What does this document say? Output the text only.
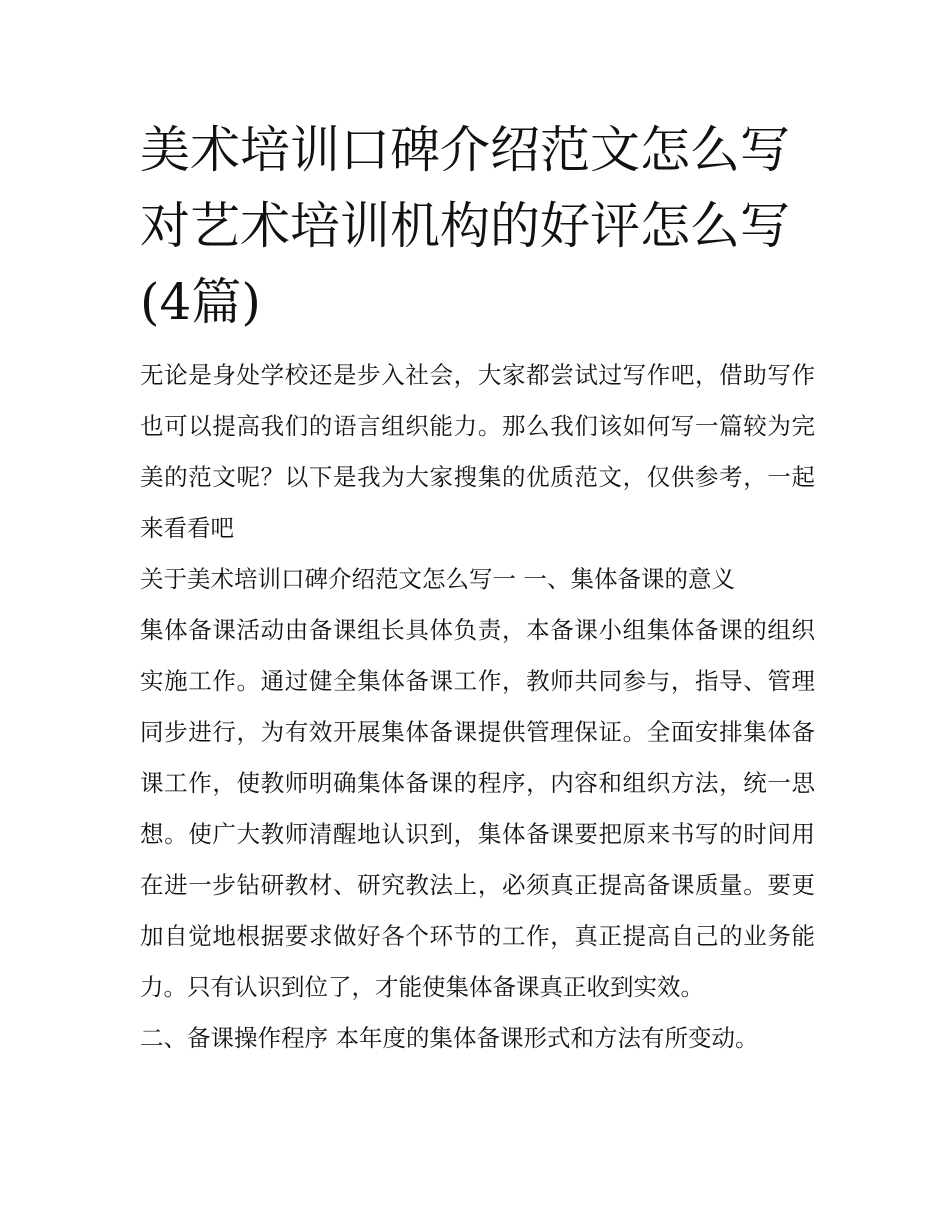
美术培训口碑介绍范文怎么写对艺术培训机构的好评怎么写(4篇)

无论是身处学校还是步入社会，大家都尝试过写作吧，借助写作也可以提高我们的语言组织能力。那么我们该如何写一篇较为完美的范文呢？以下是我为大家搜集的优质范文，仅供参考，一起来看看吧

关于美术培训口碑介绍范文怎么写一 一、集体备课的意义

集体备课活动由备课组长具体负责，本备课小组集体备课的组织实施工作。通过健全集体备课工作，教师共同参与，指导、管理同步进行，为有效开展集体备课提供管理保证。全面安排集体备课工作，使教师明确集体备课的程序，内容和组织方法，统一思想。使广大教师清醒地认识到，集体备课要把原来书写的时间用在进一步钻研教材、研究教法上，必须真正提高备课质量。要更加自觉地根据要求做好各个环节的工作，真正提高自己的业务能力。只有认识到位了，才能使集体备课真正收到实效。

二、备课操作程序 本年度的集体备课形式和方法有所变动。
